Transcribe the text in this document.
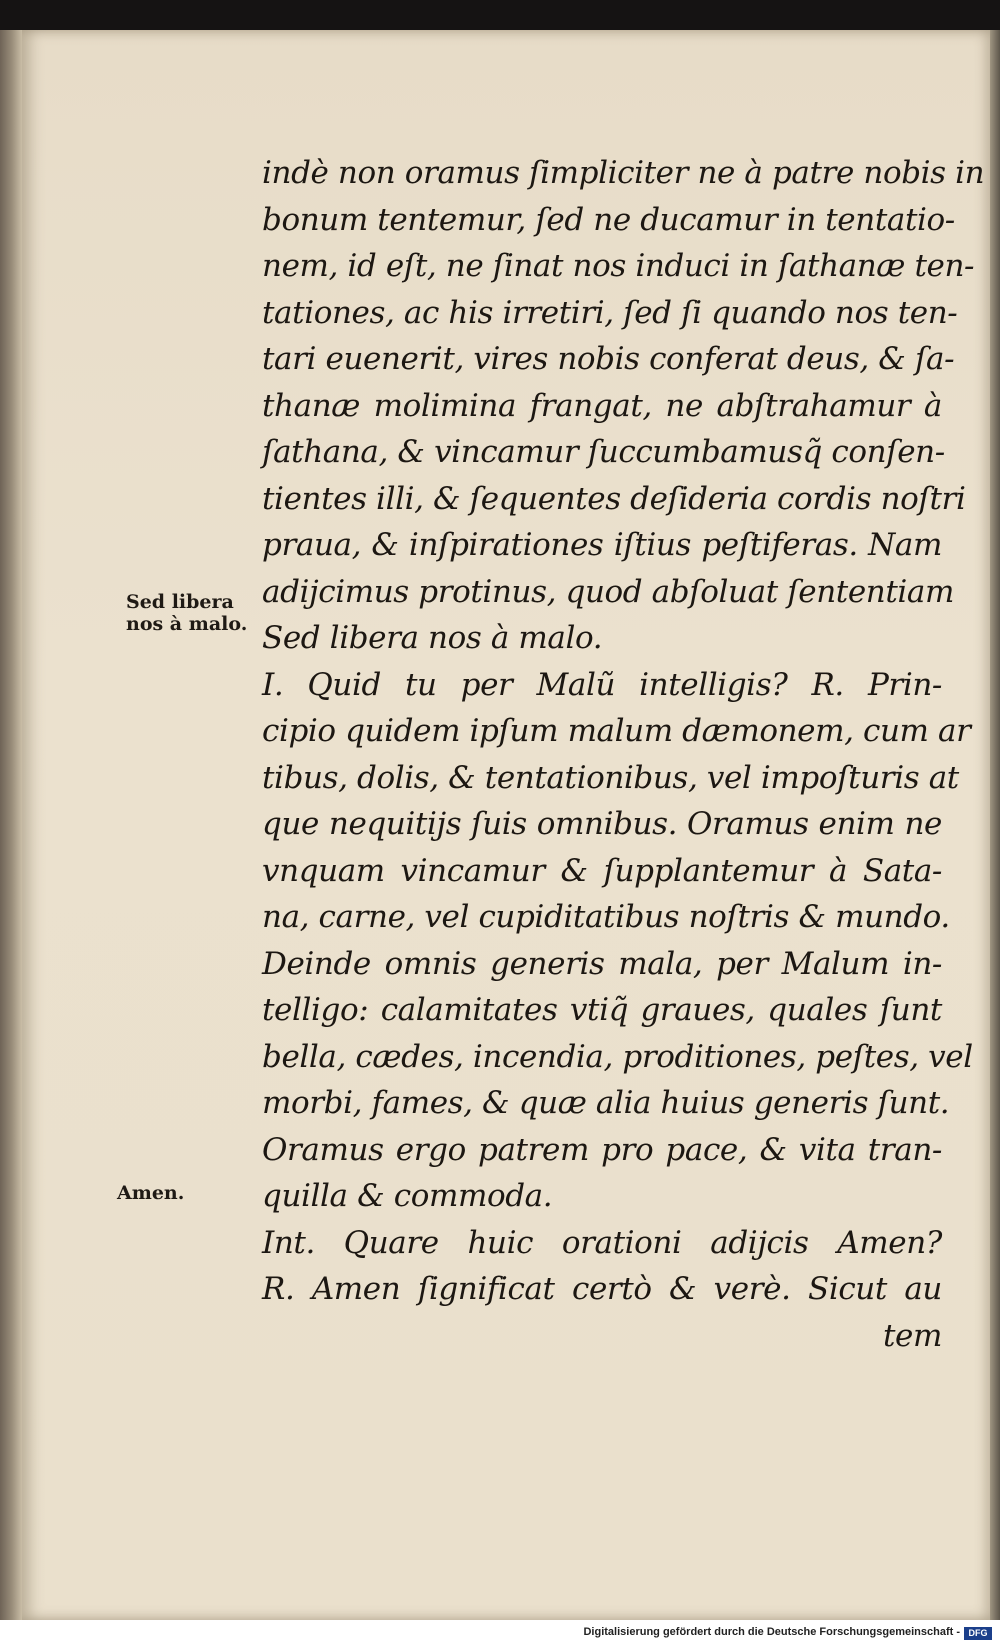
Sed libera
nos à malo.
Amen.
indè non oramus ſimpliciter ne à patre nobis in
bonum tentemur, ſed ne ducamur in tentatio-
nem, id eſt, ne ſinat nos induci in ſathanæ ten-
tationes, ac his irretiri, ſed ſi quando nos ten-
tari euenerit, vires nobis conferat deus, & ſa-
thanæ molimina frangat, ne abſtrahamur à
ſathana, & vincamur ſuccumbamusq̃ conſen-
tientes illi, & ſequentes deſideria cordis noſtri
praua, & inſpirationes iſtius peſtiferas. Nam
adijcimus protinus, quod abſoluat ſententiam
Sed libera nos à malo.
I. Quid tu per Malũ intelligis? R. Prin-
cipio quidem ipſum malum dæmonem, cum ar
tibus, dolis, & tentationibus, vel impoſturis at
que nequitijs ſuis omnibus. Oramus enim ne
vnquam vincamur & ſupplantemur à Sata-
na, carne, vel cupiditatibus noſtris & mundo.
Deinde omnis generis mala, per Malum in-
telligo: calamitates vtiq̃ graues, quales ſunt
bella, cædes, incendia, proditiones, peſtes, vel
morbi, fames, & quæ alia huius generis ſunt.
Oramus ergo patrem pro pace, & vita tran-
quilla & commoda.
Int. Quare huic orationi adijcis Amen?
R. Amen ſignificat certò & verè. Sicut au
tem
Digitalisierung gefördert durch die Deutsche Forschungsgemeinschaft - DFG
